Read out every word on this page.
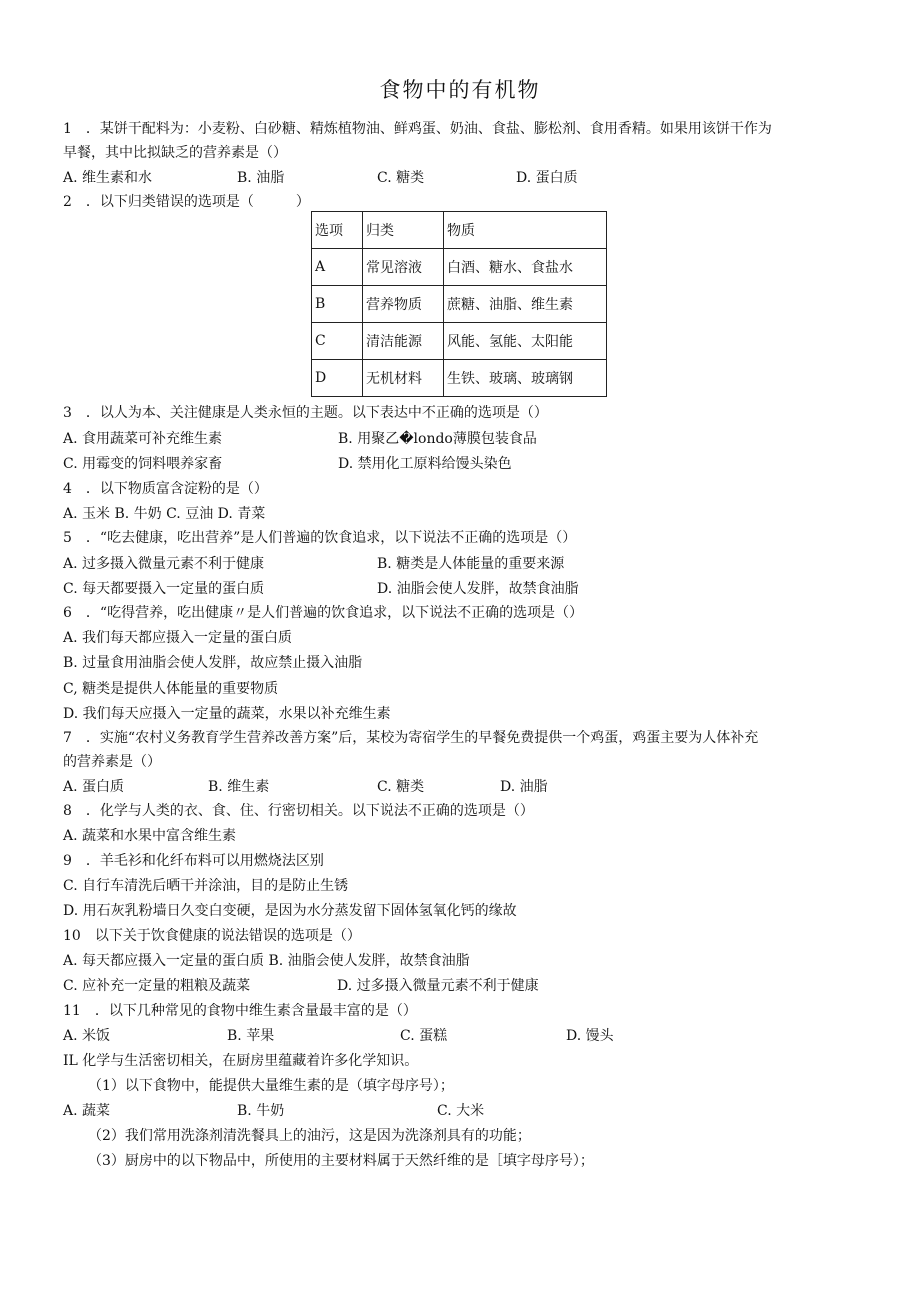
食物中的有机物
1　．某饼干配料为：小麦粉、白砂糖、精炼植物油、鲜鸡蛋、奶油、食盐、膨松剂、食用香精。如果用该饼干作为
早餐，其中比拟缺乏的营养素是（）
A. 维生素和水	B. 油脂	C. 糖类	D. 蛋白质
2　．以下归类错误的选项是（　　　）
选项	归类	物质
A	常见溶液	白酒、糖水、食盐水
B	营养物质	蔗糖、油脂、维生素
C	清洁能源	风能、氢能、太阳能
D	无机材料	生铁、玻璃、玻璃钢
3　．以人为本、关注健康是人类永恒的主题。以下表达中不正确的选项是（）
A. 食用蔬菜可补充维生素	B. 用聚乙�londo薄膜包装食品
C. 用霉变的饲料喂养家畜	D. 禁用化工原料给馒头染色
4　．以下物质富含淀粉的是（）
A. 玉米 B. 牛奶 C. 豆油 D. 青菜
5　．“吃去健康，吃出营养”是人们普遍的饮食追求，以下说法不正确的选项是（）
A. 过多摄入微量元素不利于健康	B. 糖类是人体能量的重要来源
C. 每天都要摄入一定量的蛋白质	D. 油脂会使人发胖，故禁食油脂
6　．“吃得营养，吃出健康〃是人们普遍的饮食追求，以下说法不正确的选项是（）
A. 我们每天都应摄入一定量的蛋白质
B. 过量食用油脂会使人发胖，故应禁止摄入油脂
C, 糖类是提供人体能量的重要物质
D. 我们每天应摄入一定量的蔬菜，水果以补充维生素
7　．实施“农村义务教育学生营养改善方案”后，某校为寄宿学生的早餐免费提供一个鸡蛋，鸡蛋主要为人体补充
的营养素是（）
A. 蛋白质	B. 维生素	C. 糖类	D. 油脂
8　．化学与人类的衣、食、住、行密切相关。以下说法不正确的选项是（）
A. 蔬菜和水果中富含维生素
9　．羊毛衫和化纤布料可以用燃烧法区别
C. 自行车清洗后晒干并涂油，目的是防止生锈
D. 用石灰乳粉墙日久变白变硬，是因为水分蒸发留下固体氢氧化钙的缘故
10　以下关于饮食健康的说法错误的选项是（）
A. 每天都应摄入一定量的蛋白质 B. 油脂会使人发胖，故禁食油脂
C. 应补充一定量的粗粮及蔬菜	D. 过多摄入微量元素不利于健康
11　．以下几种常见的食物中维生素含量最丰富的是（）
A. 米饭	B. 苹果	C. 蛋糕	D. 馒头
IL 化学与生活密切相关，在厨房里蕴藏着许多化学知识。
（1）以下食物中，能提供大量维生素的是（填字母序号）；
A. 蔬菜	B. 牛奶	C. 大米
（2）我们常用洗涤剂清洗餐具上的油污，这是因为洗涤剂具有的功能；
（3）厨房中的以下物品中，所使用的主要材料属于天然纤维的是［填字母序号）；
